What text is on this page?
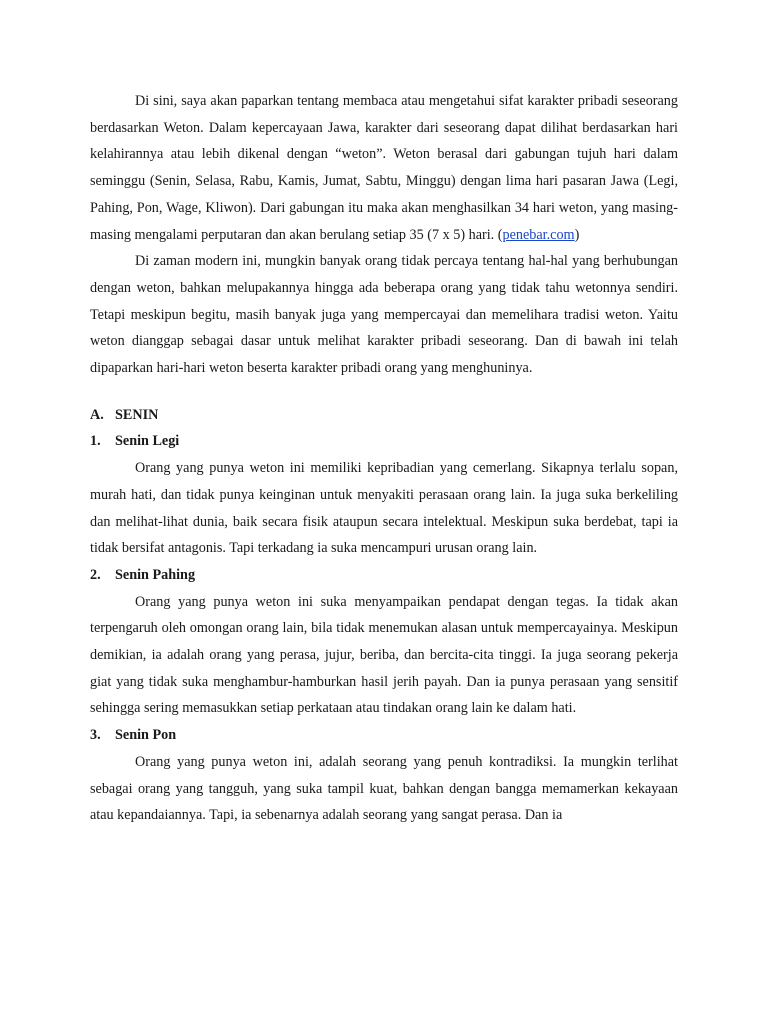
Di sini, saya akan paparkan tentang membaca atau mengetahui sifat karakter pribadi seseorang berdasarkan Weton. Dalam kepercayaan Jawa, karakter dari seseorang dapat dilihat berdasarkan hari kelahirannya atau lebih dikenal dengan “weton”. Weton berasal dari gabungan tujuh hari dalam seminggu (Senin, Selasa, Rabu, Kamis, Jumat, Sabtu, Minggu) dengan lima hari pasaran Jawa (Legi, Pahing, Pon, Wage, Kliwon). Dari gabungan itu maka akan menghasilkan 34 hari weton, yang masing-masing mengalami perputaran dan akan berulang setiap 35 (7 x 5) hari. (penebar.com)

Di zaman modern ini, mungkin banyak orang tidak percaya tentang hal-hal yang berhubungan dengan weton, bahkan melupakannya hingga ada beberapa orang yang tidak tahu wetonnya sendiri. Tetapi meskipun begitu, masih banyak juga yang mempercayai dan memelihara tradisi weton. Yaitu weton dianggap sebagai dasar untuk melihat karakter pribadi seseorang. Dan di bawah ini telah dipaparkan hari-hari weton beserta karakter pribadi orang yang menghuninya.

A. SENIN

1.	Senin Legi

Orang yang punya weton ini memiliki kepribadian yang cemerlang. Sikapnya terlalu sopan, murah hati, dan tidak punya keinginan untuk menyakiti perasaan orang lain. Ia juga suka berkeliling dan melihat-lihat dunia, baik secara fisik ataupun secara intelektual. Meskipun suka berdebat, tapi ia tidak bersifat antagonis. Tapi terkadang ia suka mencampuri urusan orang lain.

2.	Senin Pahing

Orang yang punya weton ini suka menyampaikan pendapat dengan tegas. Ia tidak akan terpengaruh oleh omongan orang lain, bila tidak menemukan alasan untuk mempercayainya. Meskipun demikian, ia adalah orang yang perasa, jujur, beriba, dan bercita-cita tinggi. Ia juga seorang pekerja giat yang tidak suka menghambur-hamburkan hasil jerih payah. Dan ia punya perasaan yang sensitif sehingga sering memasukkan setiap perkataan atau tindakan orang lain ke dalam hati.

3.	Senin Pon

Orang yang punya weton ini, adalah seorang yang penuh kontradiksi. Ia mungkin terlihat sebagai orang yang tangguh, yang suka tampil kuat, bahkan dengan bangga memamerkan kekayaan atau kepandaiannya. Tapi, ia sebenarnya adalah seorang yang sangat perasa. Dan ia
